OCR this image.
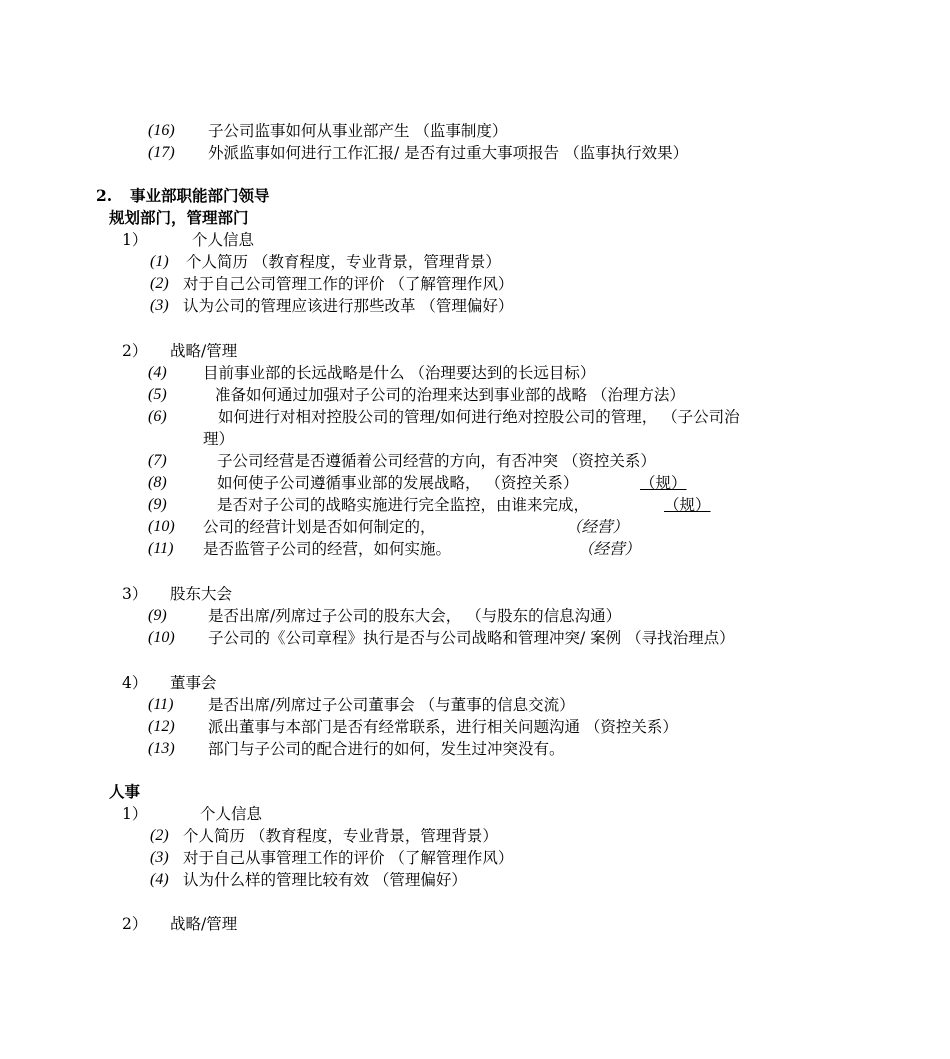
(16) 子公司监事如何从事业部产生 （监事制度）
(17) 外派监事如何进行工作汇报/ 是否有过重大事项报告 （监事执行效果）
2. 事业部职能部门领导
规划部门，管理部门
1）	个人信息
(1) 个人简历 （教育程度，专业背景，管理背景）
(2) 对于自己公司管理工作的评价 （了解管理作风）
(3) 认为公司的管理应该进行那些改革 （管理偏好）
2） 战略/管理
(4) 目前事业部的长远战略是什么 （治理要达到的长远目标）
(5)	准备如何通过加强对子公司的治理来达到事业部的战略 （治理方法）
(6)	如何进行对相对控股公司的管理/如何进行绝对控股公司的管理， （子公司治
理）
(7)	子公司经营是否遵循着公司经营的方向，有否冲突 （资控关系）
(8)	如何使子公司遵循事业部的发展战略， （资控关系）	（规）
(9)	是否对子公司的战略实施进行完全监控，由谁来完成，	（规）
(10) 公司的经营计划是否如何制定的，	（经营）
(11) 是否监管子公司的经营，如何实施。	（经营）
3） 股东大会
(9)	是否出席/列席过子公司的股东大会， （与股东的信息沟通）
(10) 子公司的《公司章程》执行是否与公司战略和管理冲突/ 案例 （寻找治理点）
4） 董事会
(11) 是否出席/列席过子公司董事会 （与董事的信息交流）
(12) 派出董事与本部门是否有经常联系，进行相关问题沟通 （资控关系）
(13) 部门与子公司的配合进行的如何，发生过冲突没有。
人事
1）	个人信息
(2) 个人简历 （教育程度，专业背景，管理背景）
(3) 对于自己从事管理工作的评价 （了解管理作风）
(4) 认为什么样的管理比较有效 （管理偏好）
2） 战略/管理
